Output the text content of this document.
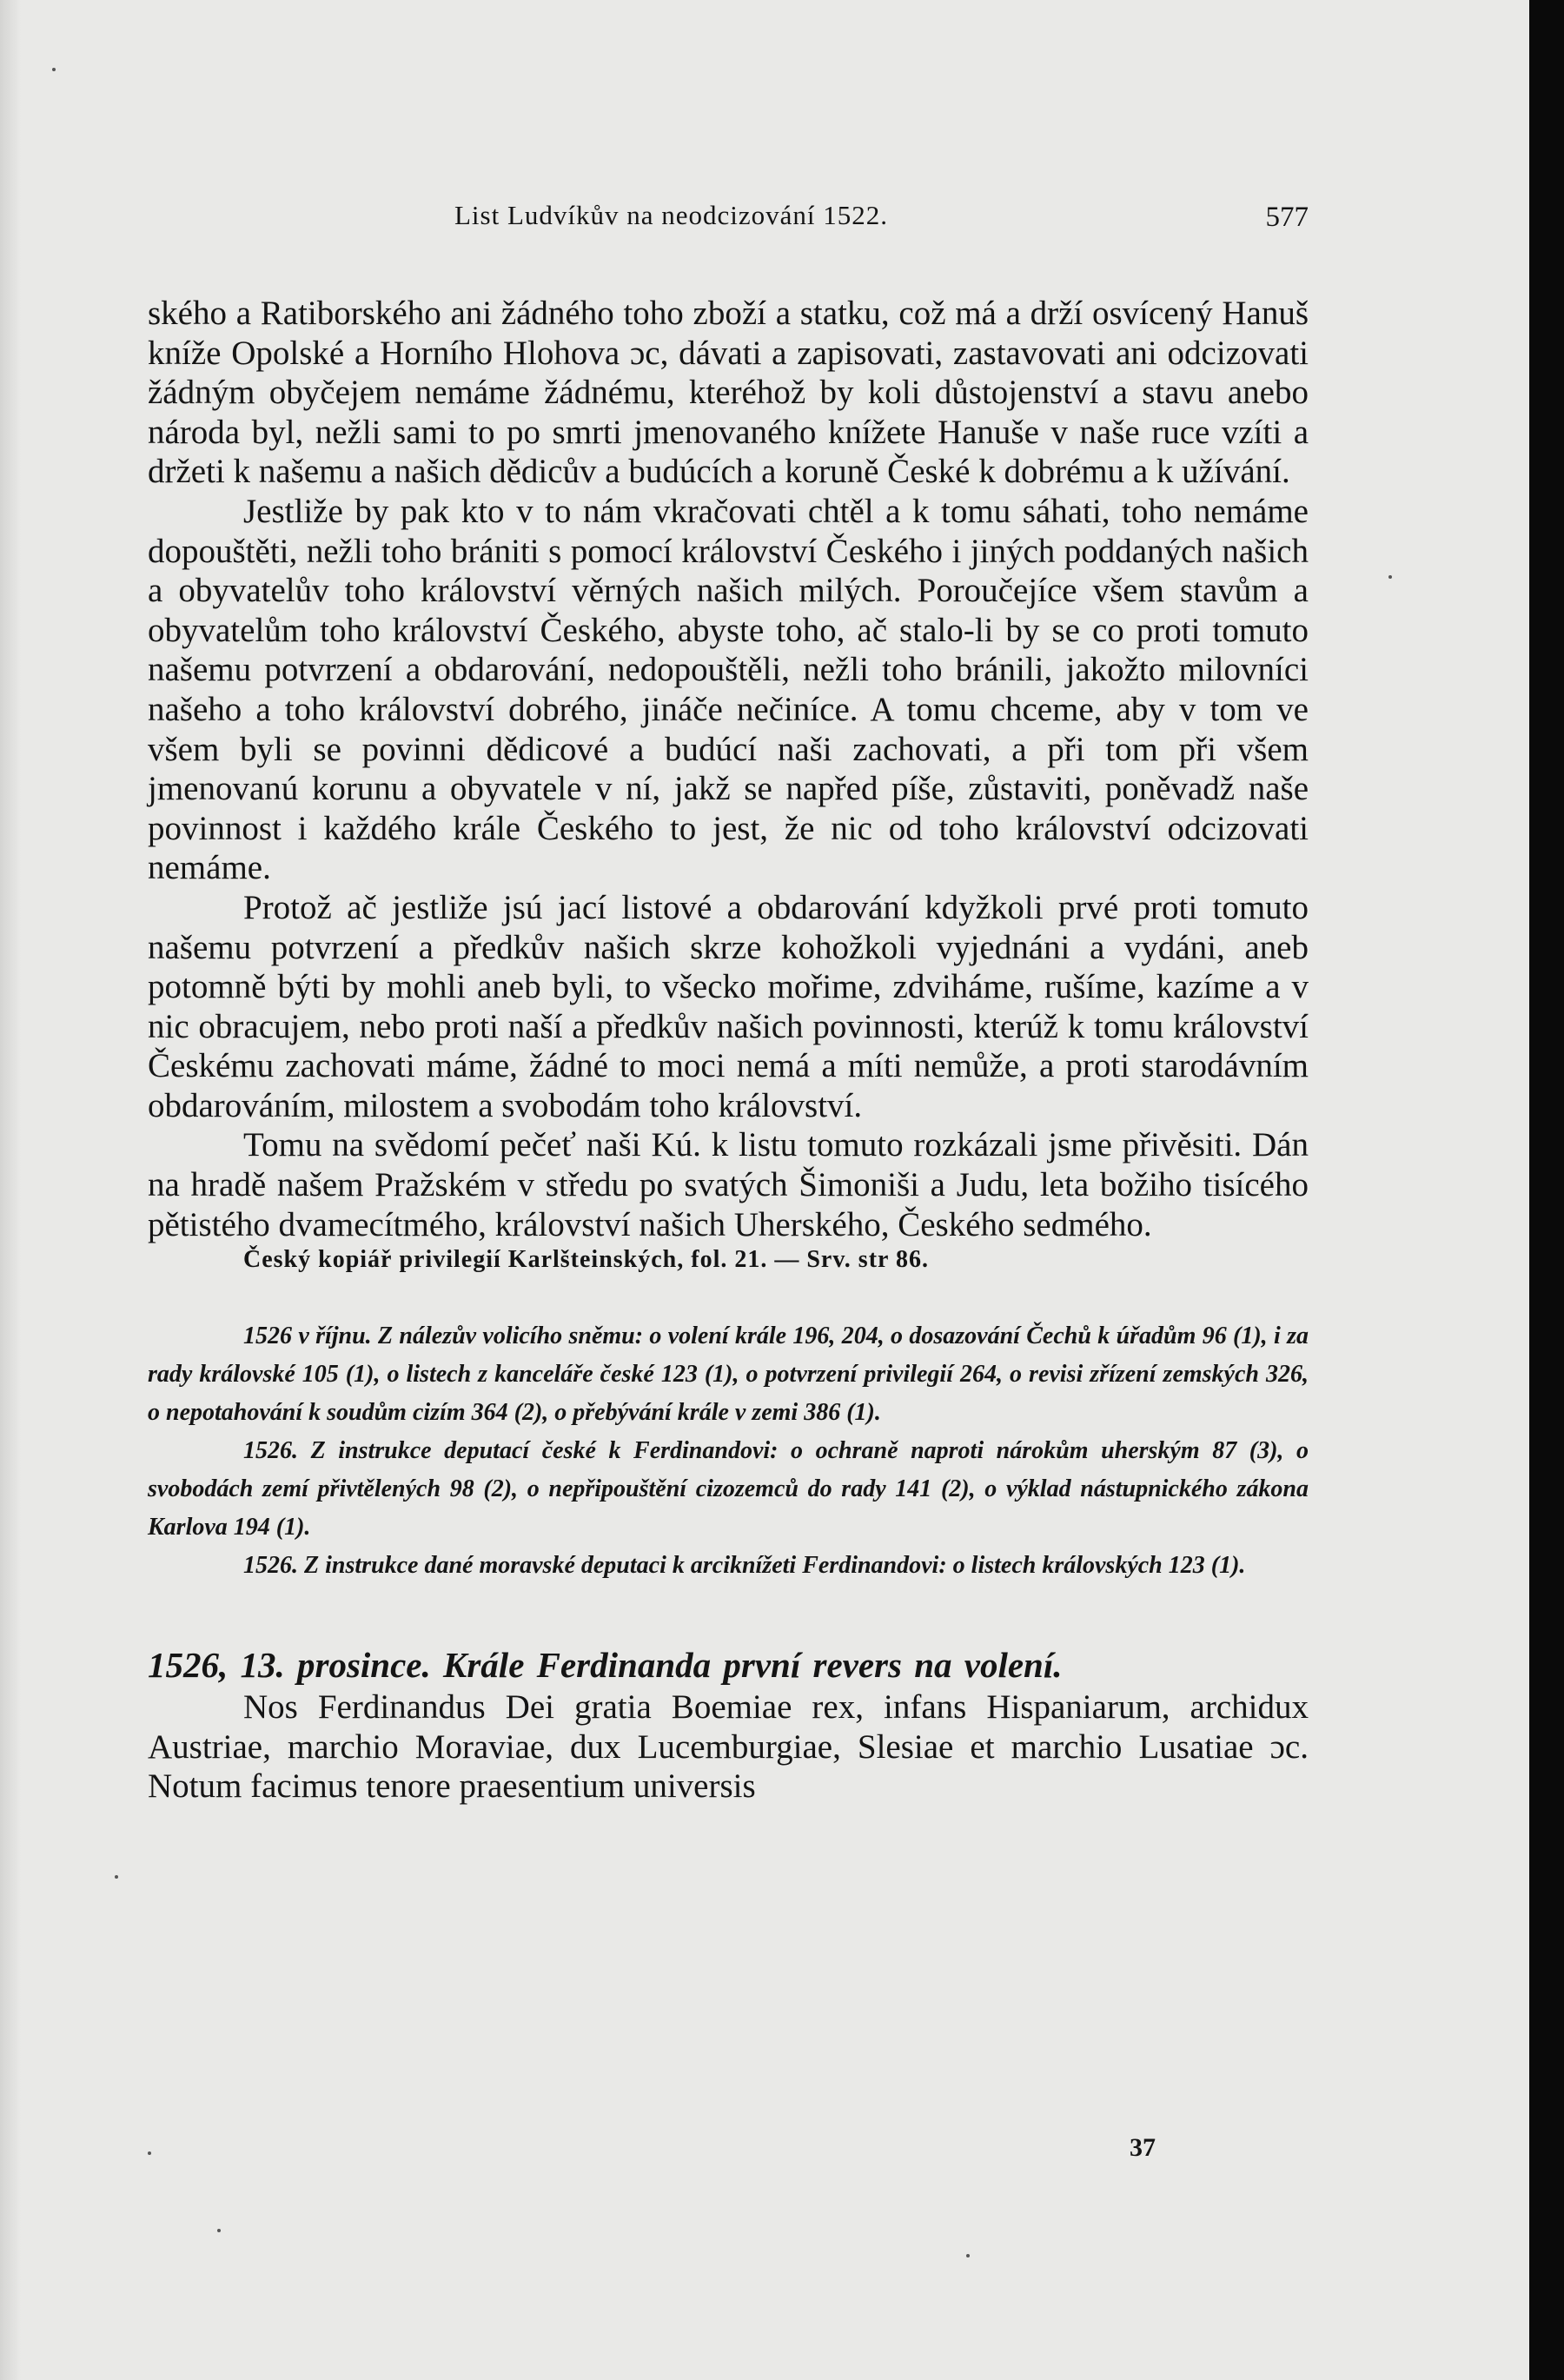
List Ludvíkův na neodcizování 1522.	577

ského a Ratiborského ani žádného toho zboží a statku, což má a drží osvícený Hanuš kníže Opolské a Horního Hlohova ɔc, dávati a zapisovati, zastavovati ani odcizovati žádným obyčejem nemáme žádnému, kteréhož by koli důstojenství a stavu anebo národa byl, nežli sami to po smrti jmenovaného knížete Hanuše v naše ruce vzíti a držeti k našemu a našich dědicův a budúcích a koruně České k dobrému a k užívání.

Jestliže by pak kto v to nám vkračovati chtěl a k tomu sáhati, toho nemáme dopouštěti, nežli toho brániti s pomocí království Českého i jiných poddaných našich a obyvatelův toho království věrných našich milých. Poroučejíce všem stavům a obyvatelům toho království Českého, abyste toho, ač stalo-li by se co proti tomuto našemu potvrzení a obdarování, nedopouštěli, nežli toho bránili, jakožto milovníci našeho a toho království dobrého, jináče nečiníce. A tomu chceme, aby v tom ve všem byli se povinni dědicové a budúcí naši zachovati, a při tom při všem jmenovanú korunu a obyvatele v ní, jakž se napřed píše, zůstaviti, poněvadž naše povinnost i každého krále Českého to jest, že nic od toho království odcizovati nemáme.

Protož ač jestliže jsú jací listové a obdarování kdyžkoli prvé proti tomuto našemu potvrzení a předkův našich skrze kohožkoli vyjednáni a vydáni, aneb potomně býti by mohli aneb byli, to všecko mořime, zdviháme, rušíme, kazíme a v nic obracujem, nebo proti naší a předkův našich povinnosti, kterúž k tomu království Českému zachovati máme, žádné to moci nemá a míti nemůže, a proti starodávním obdarováním, milostem a svobodám toho království.

Tomu na svědomí pečeť naši Kú. k listu tomuto rozkázali jsme přivěsiti. Dán na hradě našem Pražském v středu po svatých Šimoniši a Judu, leta božiho tisícého pětistého dvamecítmého, království našich Uherského, Českého sedmého.

Český kopiář privilegií Karlšteinských, fol. 21. — Srv. str 86.

1526 v říjnu. Z nálezův volicího sněmu: o volení krále 196, 204, o dosazování Čechů k úřadům 96 (1), i za rady královské 105 (1), o listech z kanceláře české 123 (1), o potvrzení privilegií 264, o revisi zřízení zemských 326, o nepotahování k soudům cizím 364 (2), o přebývání krále v zemi 386 (1).

1526. Z instrukce deputací české k Ferdinandovi: o ochraně naproti nárokům uherským 87 (3), o svobodách zemí přivtělených 98 (2), o nepřipouštění cizozemců do rady 141 (2), o výklad nástupnického zákona Karlova 194 (1).

1526. Z instrukce dané moravské deputaci k arciknížeti Ferdinandovi: o listech královských 123 (1).

1526, 13. prosince. Krále Ferdinanda první revers na volení.

Nos Ferdinandus Dei gratia Boemiae rex, infans Hispaniarum, archidux Austriae, marchio Moraviae, dux Lucemburgiae, Slesiae et marchio Lusatiae ɔc. Notum facimus tenore praesentium universis

37
